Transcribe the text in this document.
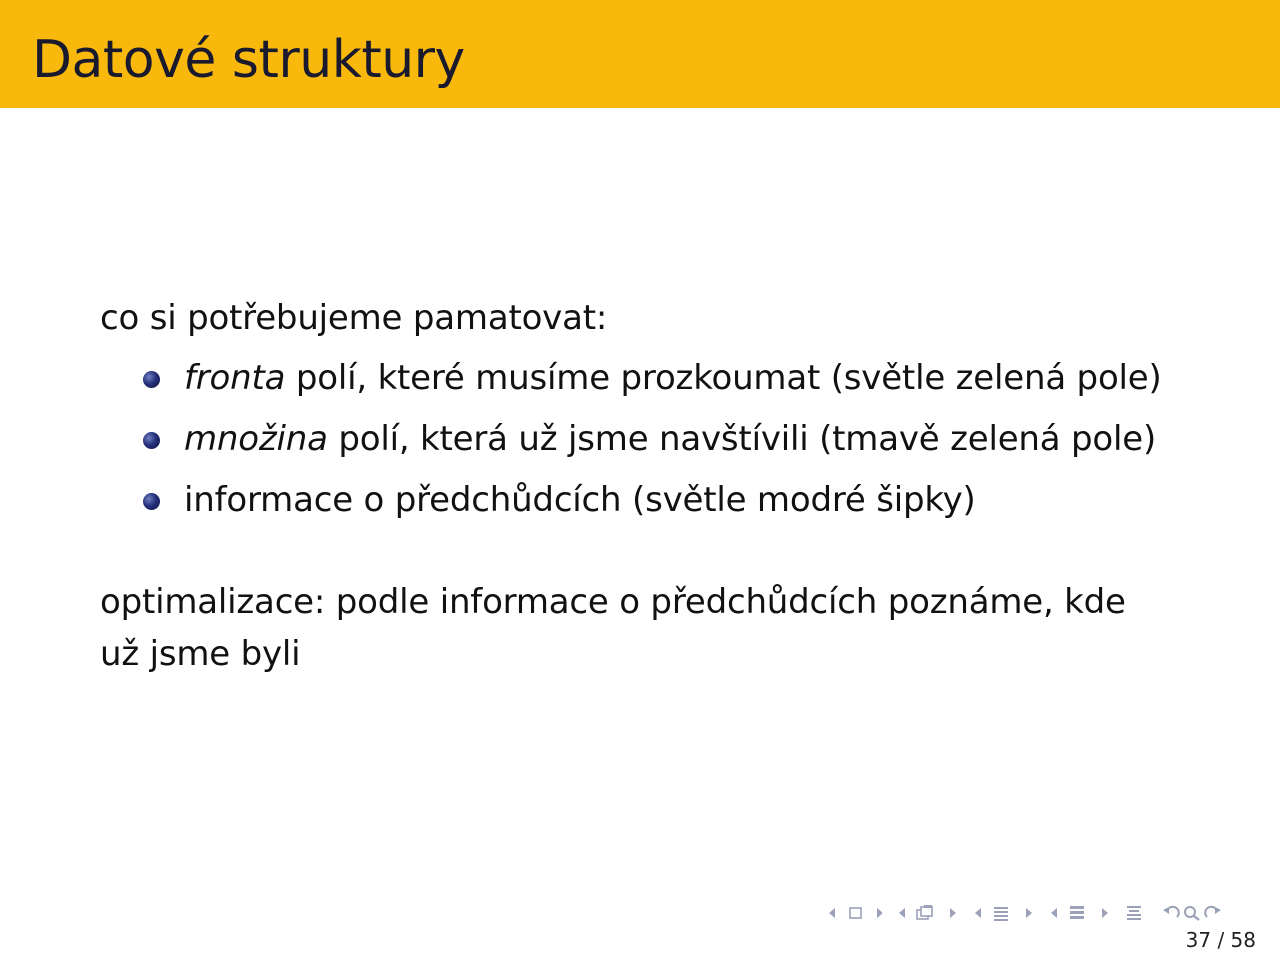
Datové struktury
co si potřebujeme pamatovat:
fronta polí, které musíme prozkoumat (světle zelená pole)
množina polí, která už jsme navštívili (tmavě zelená pole)
informace o předchůdcích (světle modré šipky)
optimalizace: podle informace o předchůdcích poznáme, kde
už jsme byli
37 / 58
